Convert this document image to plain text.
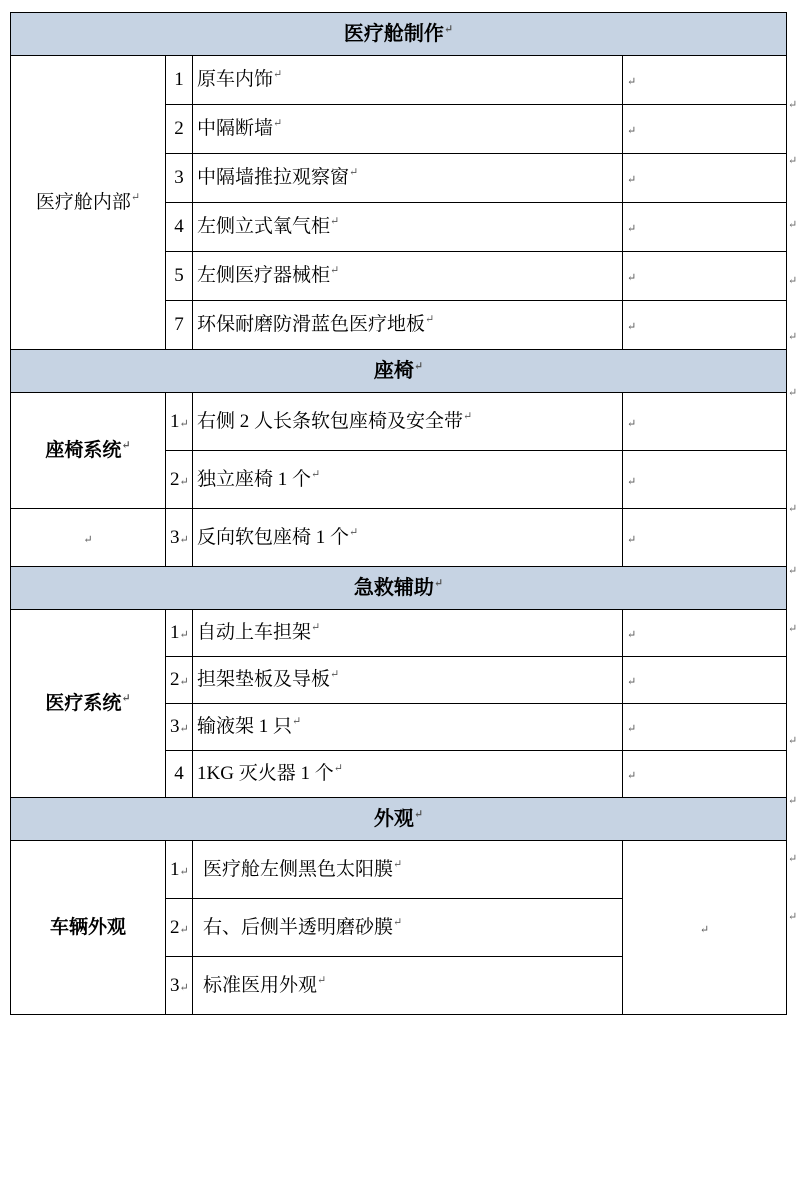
医疗舱制作↵
医疗舱内部↵	1	原车内饰↵	↵
	2	中隔断墙↵	↵
	3	中隔墙推拉观察窗↵	↵
	4	左侧立式氧气柜↵	↵
	5	左侧医疗器械柜↵	↵
	7	环保耐磨防滑蓝色医疗地板↵	↵
座椅↵
座椅系统↵	1↵	右侧 2 人长条软包座椅及安全带↵	↵
	2↵	独立座椅 1 个↵	↵
↵	3↵	反向软包座椅 1 个↵	↵
急救辅助↵
医疗系统↵	1↵	自动上车担架↵	↵
	2↵	担架垫板及导板↵	↵
	3↵	输液架 1 只↵	↵
	4	1KG 灭火器 1 个↵	↵
外观↵
车辆外观	1↵	医疗舱左侧黑色太阳膜↵	↵
	2↵	右、后侧半透明磨砂膜↵
	3↵	标准医用外观↵
↵
↵
↵
↵
↵
↵
↵
↵
↵
↵
↵
↵
↵
